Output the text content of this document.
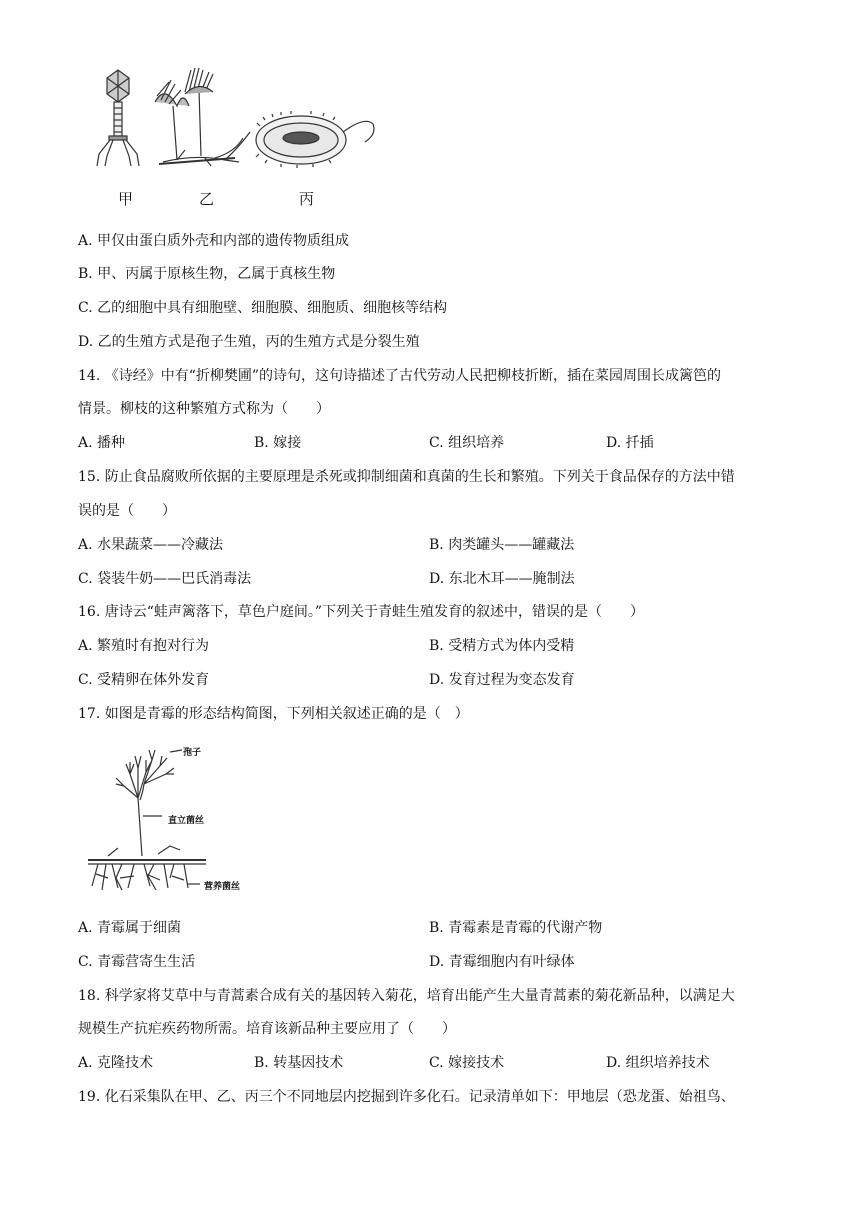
甲	乙	丙
A. 甲仅由蛋白质外壳和内部的遗传物质组成
B. 甲、丙属于原核生物，乙属于真核生物
C. 乙的细胞中具有细胞壁、细胞膜、细胞质、细胞核等结构
D. 乙的生殖方式是孢子生殖，丙的生殖方式是分裂生殖
14. 《诗经》中有“折柳樊圃”的诗句，这句诗描述了古代劳动人民把柳枝折断，插在菜园周围长成篱笆的
情景。柳枝的这种繁殖方式称为（　　）
A. 播种	B. 嫁接	C. 组织培养	D. 扦插
15. 防止食品腐败所依据的主要原理是杀死或抑制细菌和真菌的生长和繁殖。下列关于食品保存的方法中错
误的是（　　）
A. 水果蔬菜——冷藏法	B. 肉类罐头——罐藏法
C. 袋装牛奶——巴氏消毒法	D. 东北木耳——腌制法
16. 唐诗云“蛙声篱落下，草色户庭间。”下列关于青蛙生殖发育的叙述中，错误的是（　　）
A. 繁殖时有抱对行为	B. 受精方式为体内受精
C. 受精卵在体外发育	D. 发育过程为变态发育
17. 如图是青霉的形态结构简图，下列相关叙述正确的是（　）
孢子
直立菌丝
营养菌丝
A. 青霉属于细菌	B. 青霉素是青霉的代谢产物
C. 青霉营寄生生活	D. 青霉细胞内有叶绿体
18. 科学家将艾草中与青蒿素合成有关的基因转入菊花，培育出能产生大量青蒿素的菊花新品种，以满足大
规模生产抗疟疾药物所需。培育该新品种主要应用了（　　）
A. 克隆技术	B. 转基因技术	C. 嫁接技术	D. 组织培养技术
19. 化石采集队在甲、乙、丙三个不同地层内挖掘到许多化石。记录清单如下：甲地层（恐龙蛋、始祖鸟、
